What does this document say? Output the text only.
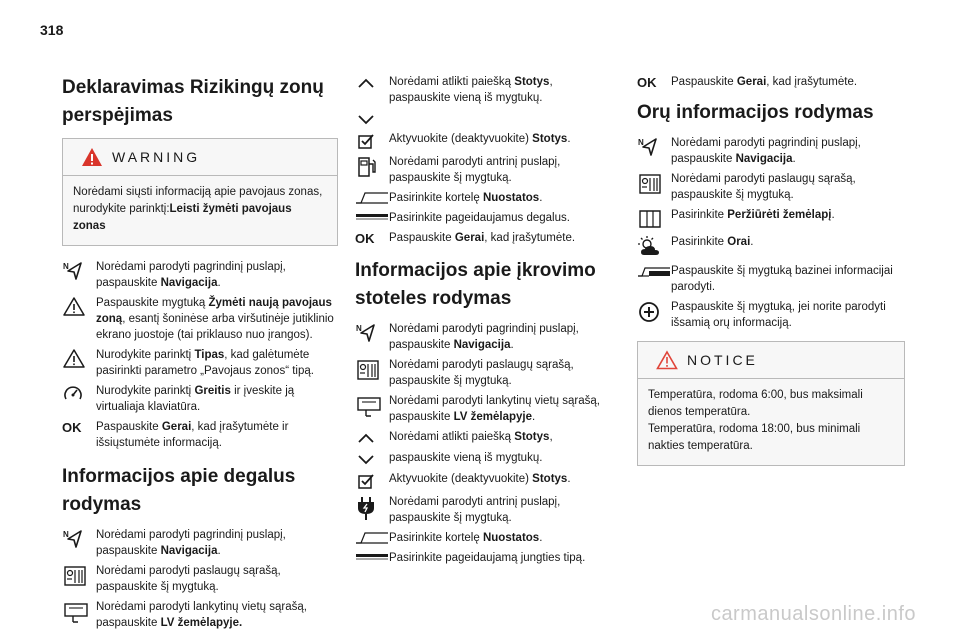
318
Deklaravimas Rizikingų zonų perspėjimas
WARNING
Norėdami siųsti informaciją apie pavojaus zonas, nurodykite parinktį:Leisti žymėti pavojaus zonas
N Norėdami parodyti pagrindinį puslapį, paspauskite Navigacija.
Paspauskite mygtuką Žymėti naują pavojaus zoną, esantį šoninėse arba viršutinėje jutiklinio ekrano juostoje (tai priklauso nuo įrangos).
Nurodykite parinktį Tipas, kad galėtumėte pasirinkti parametro „Pavojaus zonos“ tipą.
Nurodykite parinktį Greitis ir įveskite ją virtualiaja klaviatūra.
OK Paspauskite Gerai, kad įrašytumėte ir išsiųstumėte informaciją.
Informacijos apie degalus rodymas
N Norėdami parodyti pagrindinį puslapį, paspauskite Navigacija.
Norėdami parodyti paslaugų sąrašą, paspauskite šį mygtuką.
Norėdami parodyti lankytinų vietų sąrašą, paspauskite LV žemėlapyje.
Norėdami atlikti paiešką Stotys, paspauskite vieną iš mygtukų.
Aktyvuokite (deaktyvuokite) Stotys.
Norėdami parodyti antrinį puslapį, paspauskite šį mygtuką.
Pasirinkite kortelę Nuostatos.
Pasirinkite pageidaujamus degalus.
OK Paspauskite Gerai, kad įrašytumėte.
Informacijos apie įkrovimo stoteles rodymas
N Norėdami parodyti pagrindinį puslapį, paspauskite Navigacija.
Norėdami parodyti paslaugų sąrašą, paspauskite šį mygtuką.
Norėdami parodyti lankytinų vietų sąrašą, paspauskite LV žemėlapyje.
Norėdami atlikti paiešką Stotys,
paspauskite vieną iš mygtukų.
Aktyvuokite (deaktyvuokite) Stotys.
Norėdami parodyti antrinį puslapį, paspauskite šį mygtuką.
Pasirinkite kortelę Nuostatos.
Pasirinkite pageidaujamą jungties tipą.
OK Paspauskite Gerai, kad įrašytumėte.
Orų informacijos rodymas
N Norėdami parodyti pagrindinį puslapį, paspauskite Navigacija.
Norėdami parodyti paslaugų sąrašą, paspauskite šį mygtuką.
Pasirinkite Peržiūrėti žemėlapį.
Pasirinkite Orai.
Paspauskite šį mygtuką bazinei informacijai parodyti.
Paspauskite šį mygtuką, jei norite parodyti išsamią orų informaciją.
NOTICE
Temperatūra, rodoma 6:00, bus maksimali dienos temperatūra.
Temperatūra, rodoma 18:00, bus minimali nakties temperatūra.
carmanualsonline.info
